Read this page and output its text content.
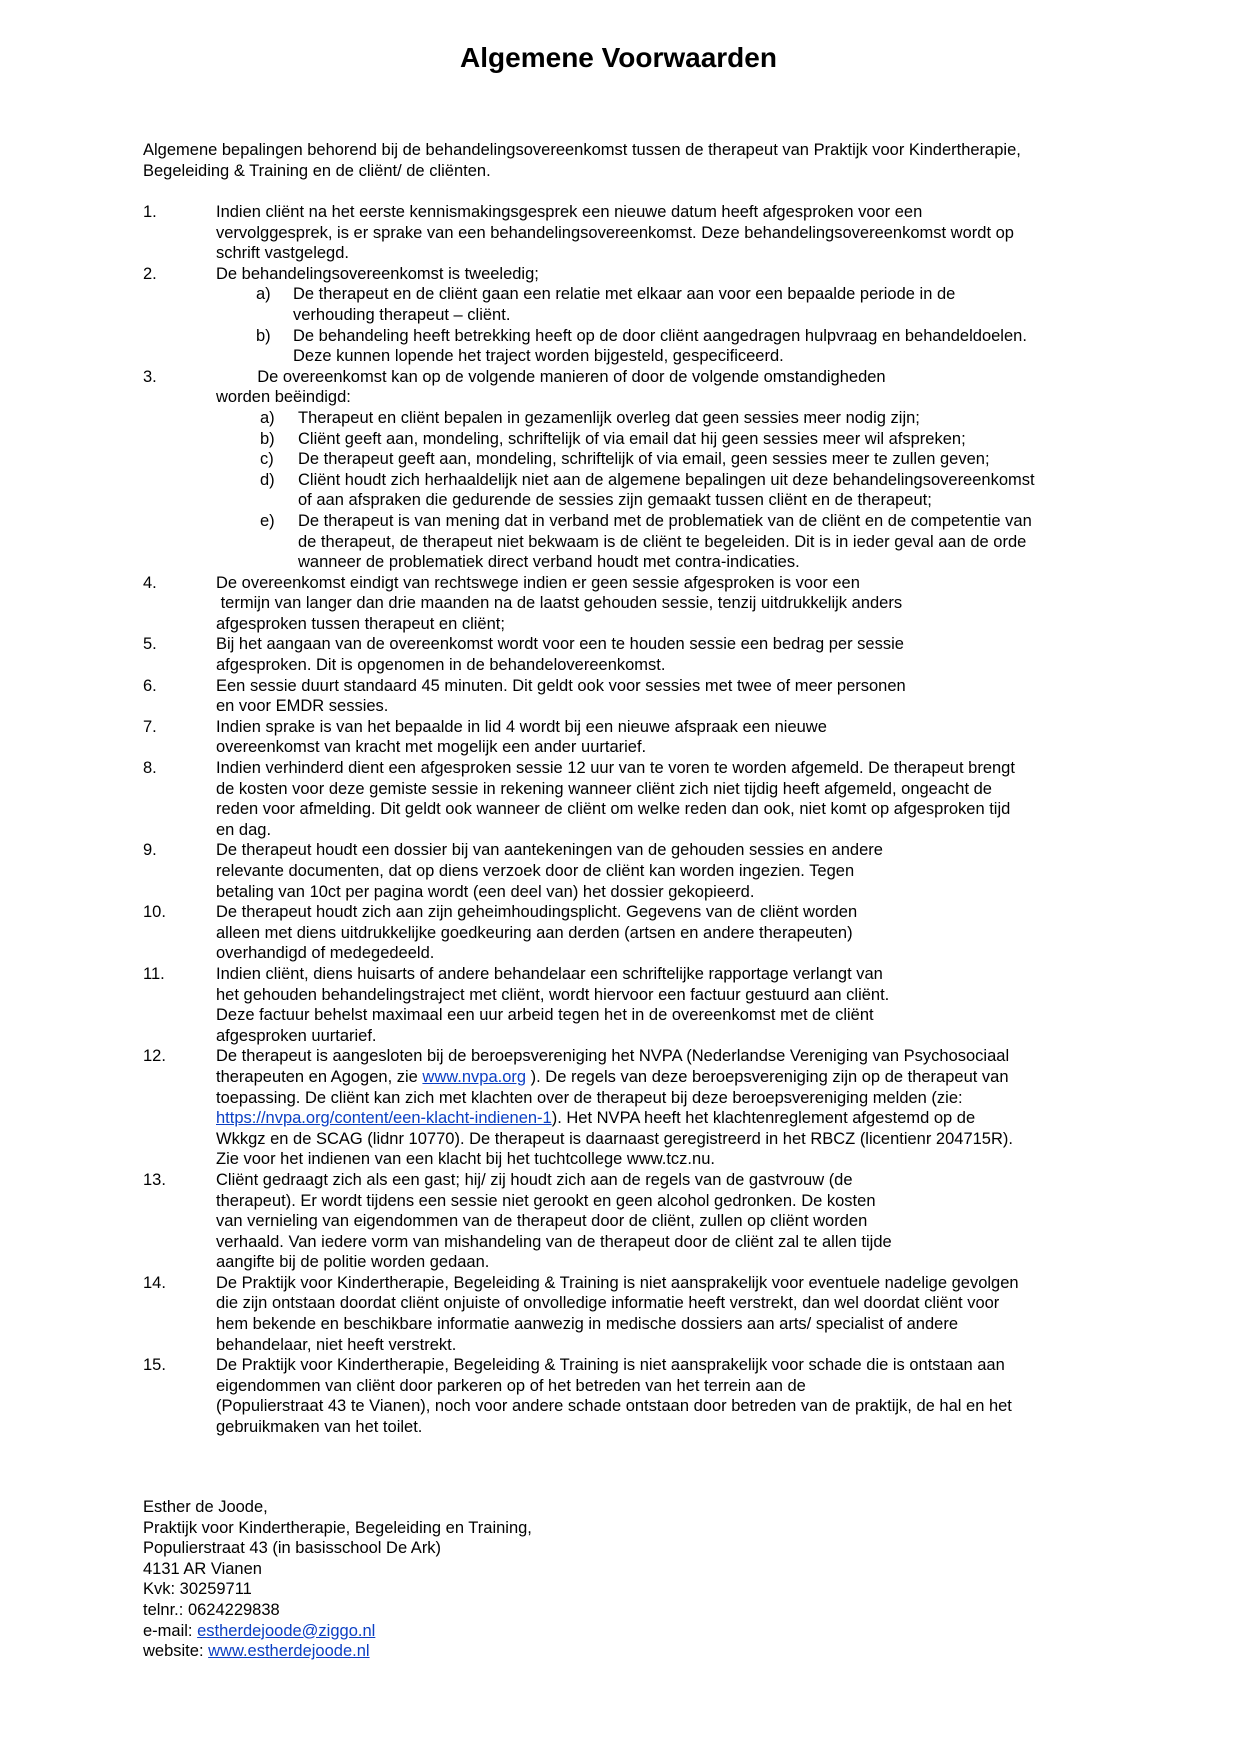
Algemene Voorwaarden
Algemene bepalingen behorend bij de behandelingsovereenkomst tussen de therapeut van Praktijk voor Kindertherapie,
Begeleiding & Training en de cliënt/ de cliënten.
1.	Indien cliënt na het eerste kennismakingsgesprek een nieuwe datum heeft afgesproken voor een
vervolggesprek, is er sprake van een behandelingsovereenkomst. Deze behandelingsovereenkomst wordt op
schrift vastgelegd.
2.	De behandelingsovereenkomst is tweeledig;
a) De therapeut en de cliënt gaan een relatie met elkaar aan voor een bepaalde periode in de
verhouding therapeut – cliënt.
b) De behandeling heeft betrekking heeft op de door cliënt aangedragen hulpvraag en behandeldoelen.
Deze kunnen lopende het traject worden bijgesteld, gespecificeerd.
3.	De overeenkomst kan op de volgende manieren of door de volgende omstandigheden
worden beëindigd:
a) Therapeut en cliënt bepalen in gezamenlijk overleg dat geen sessies meer nodig zijn;
b) Cliënt geeft aan, mondeling, schriftelijk of via email dat hij geen sessies meer wil afspreken;
c) De therapeut geeft aan, mondeling, schriftelijk of via email, geen sessies meer te zullen geven;
d) Cliënt houdt zich herhaaldelijk niet aan de algemene bepalingen uit deze behandelingsovereenkomst
of aan afspraken die gedurende de sessies zijn gemaakt tussen cliënt en de therapeut;
e) De therapeut is van mening dat in verband met de problematiek van de cliënt en de competentie van
de therapeut, de therapeut niet bekwaam is de cliënt te begeleiden. Dit is in ieder geval aan de orde
wanneer de problematiek direct verband houdt met contra-indicaties.
4.	De overeenkomst eindigt van rechtswege indien er geen sessie afgesproken is voor een
termijn van langer dan drie maanden na de laatst gehouden sessie, tenzij uitdrukkelijk anders
afgesproken tussen therapeut en cliënt;
5.	Bij het aangaan van de overeenkomst wordt voor een te houden sessie een bedrag per sessie
afgesproken. Dit is opgenomen in de behandelovereenkomst.
6.	Een sessie duurt standaard 45 minuten. Dit geldt ook voor sessies met twee of meer personen
en voor EMDR sessies.
7.	Indien sprake is van het bepaalde in lid 4 wordt bij een nieuwe afspraak een nieuwe
overeenkomst van kracht met mogelijk een ander uurtarief.
8.	Indien verhinderd dient een afgesproken sessie 12 uur van te voren te worden afgemeld. De therapeut brengt
de kosten voor deze gemiste sessie in rekening wanneer cliënt zich niet tijdig heeft afgemeld, ongeacht de
reden voor afmelding. Dit geldt ook wanneer de cliënt om welke reden dan ook, niet komt op afgesproken tijd
en dag.
9.	De therapeut houdt een dossier bij van aantekeningen van de gehouden sessies en andere
relevante documenten, dat op diens verzoek door de cliënt kan worden ingezien. Tegen
betaling van 10ct per pagina wordt (een deel van) het dossier gekopieerd.
10.	De therapeut houdt zich aan zijn geheimhoudingsplicht. Gegevens van de cliënt worden
alleen met diens uitdrukkelijke goedkeuring aan derden (artsen en andere therapeuten)
overhandigd of medegedeeld.
11.	Indien cliënt, diens huisarts of andere behandelaar een schriftelijke rapportage verlangt van
het gehouden behandelingstraject met cliënt, wordt hiervoor een factuur gestuurd aan cliënt.
Deze factuur behelst maximaal een uur arbeid tegen het in de overeenkomst met de cliënt
afgesproken uurtarief.
12.	De therapeut is aangesloten bij de beroepsvereniging het NVPA (Nederlandse Vereniging van Psychosociaal
therapeuten en Agogen, zie www.nvpa.org ). De regels van deze beroepsvereniging zijn op de therapeut van
toepassing. De cliënt kan zich met klachten over de therapeut bij deze beroepsvereniging melden (zie:
https://nvpa.org/content/een-klacht-indienen-1). Het NVPA heeft het klachtenreglement afgestemd op de
Wkkgz en de SCAG (lidnr 10770). De therapeut is daarnaast geregistreerd in het RBCZ (licentienr 204715R).
Zie voor het indienen van een klacht bij het tuchtcollege www.tcz.nu.
13.	Cliënt gedraagt zich als een gast; hij/ zij houdt zich aan de regels van de gastvrouw (de
therapeut). Er wordt tijdens een sessie niet gerookt en geen alcohol gedronken. De kosten
van vernieling van eigendommen van de therapeut door de cliënt, zullen op cliënt worden
verhaald. Van iedere vorm van mishandeling van de therapeut door de cliënt zal te allen tijde
aangifte bij de politie worden gedaan.
14.	De Praktijk voor Kindertherapie, Begeleiding & Training is niet aansprakelijk voor eventuele nadelige gevolgen
die zijn ontstaan doordat cliënt onjuiste of onvolledige informatie heeft verstrekt, dan wel doordat cliënt voor
hem bekende en beschikbare informatie aanwezig in medische dossiers aan arts/ specialist of andere
behandelaar, niet heeft verstrekt.
15.	De Praktijk voor Kindertherapie, Begeleiding & Training is niet aansprakelijk voor schade die is ontstaan aan
eigendommen van cliënt door parkeren op of het betreden van het terrein aan de
(Populierstraat 43 te Vianen), noch voor andere schade ontstaan door betreden van de praktijk, de hal en het
gebruikmaken van het toilet.
Esther de Joode,
Praktijk voor Kindertherapie, Begeleiding en Training,
Populierstraat 43 (in basisschool De Ark)
4131 AR Vianen
Kvk: 30259711
telnr.: 0624229838
e-mail: estherdejoode@ziggo.nl
website: www.estherdejoode.nl
